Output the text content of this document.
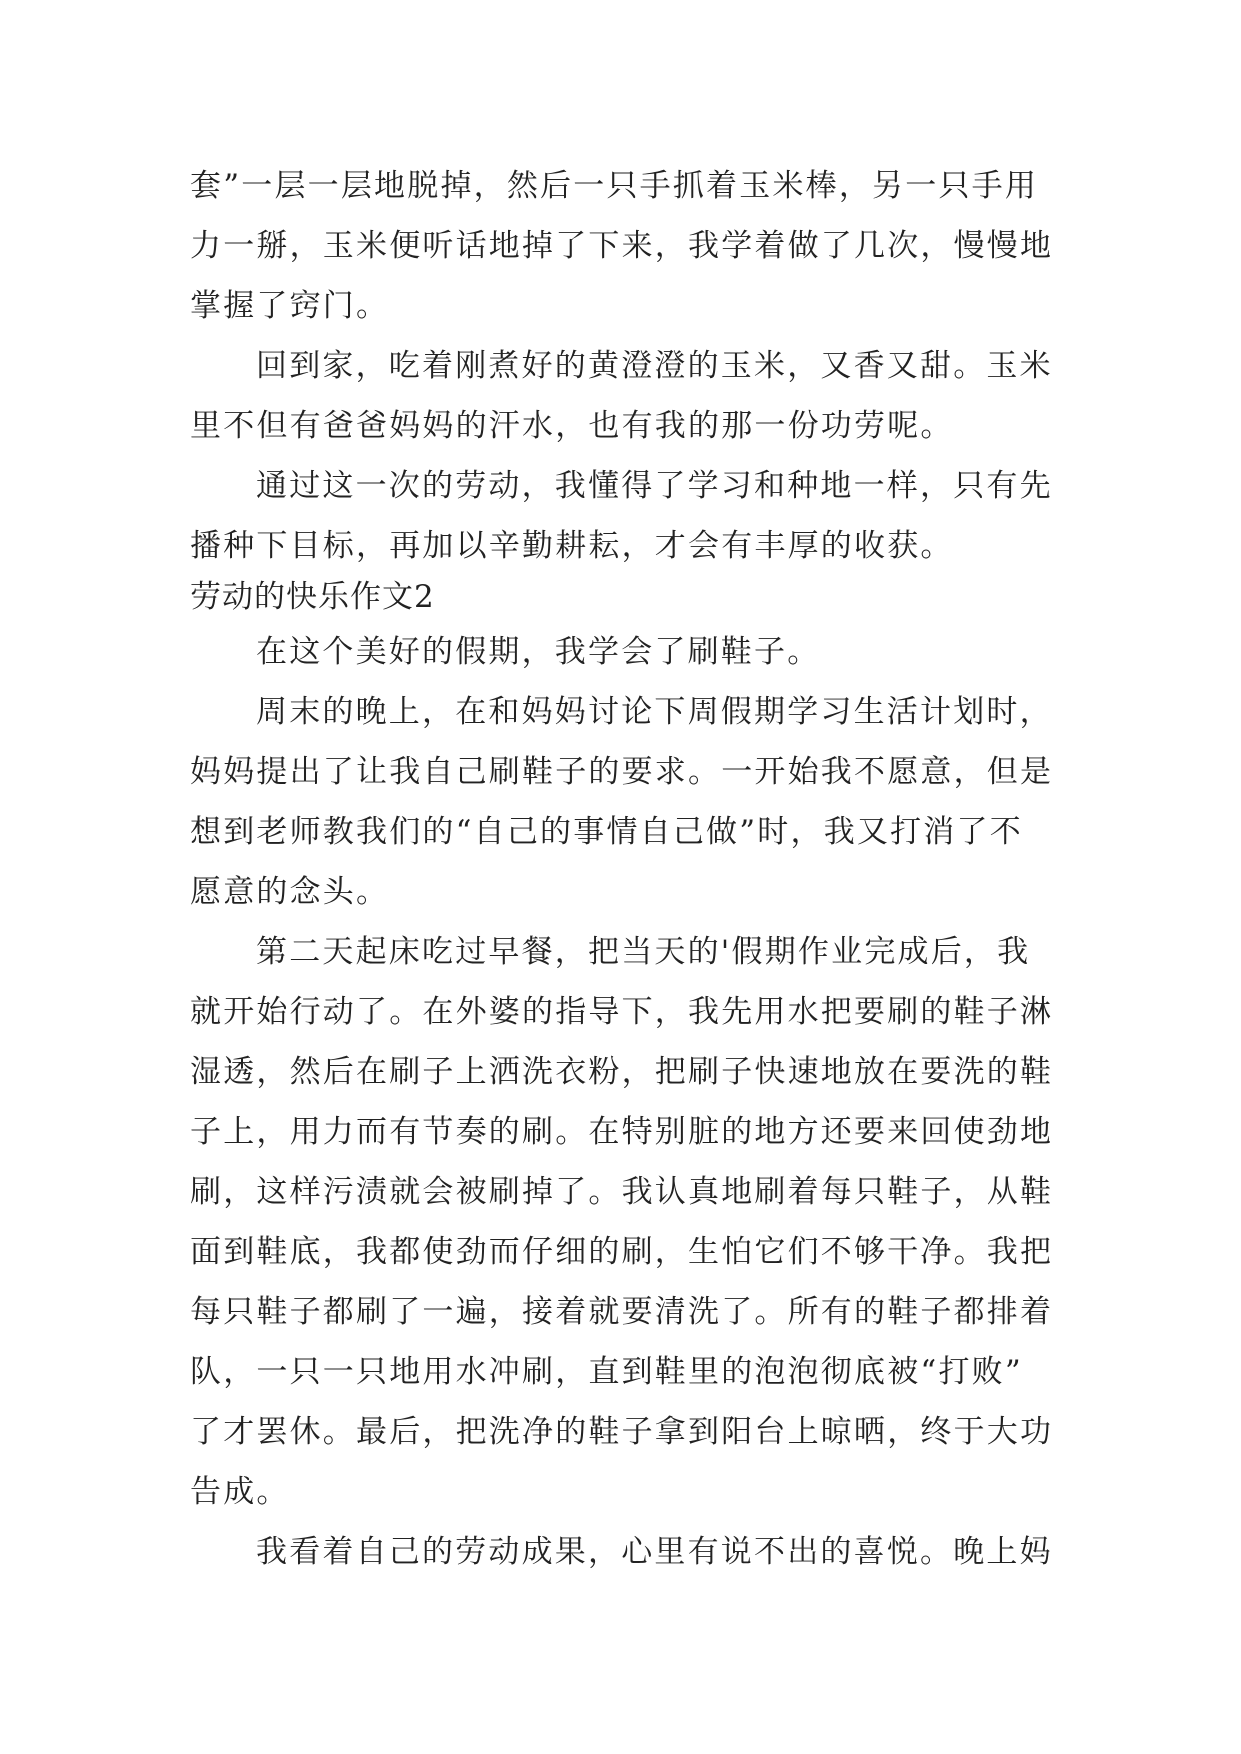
套”一层一层地脱掉，然后一只手抓着玉米棒，另一只手用
力一掰，玉米便听话地掉了下来，我学着做了几次，慢慢地
掌握了窍门。
回到家，吃着刚煮好的黄澄澄的玉米，又香又甜。玉米
里不但有爸爸妈妈的汗水，也有我的那一份功劳呢。
通过这一次的劳动，我懂得了学习和种地一样，只有先
播种下目标，再加以辛勤耕耘，才会有丰厚的收获。
劳动的快乐作文2
在这个美好的假期，我学会了刷鞋子。
周末的晚上，在和妈妈讨论下周假期学习生活计划时，
妈妈提出了让我自己刷鞋子的要求。一开始我不愿意，但是
想到老师教我们的“自己的事情自己做”时，我又打消了不
愿意的念头。
第二天起床吃过早餐，把当天的'假期作业完成后，我
就开始行动了。在外婆的指导下，我先用水把要刷的鞋子淋
湿透，然后在刷子上洒洗衣粉，把刷子快速地放在要洗的鞋
子上，用力而有节奏的刷。在特别脏的地方还要来回使劲地
刷，这样污渍就会被刷掉了。我认真地刷着每只鞋子，从鞋
面到鞋底，我都使劲而仔细的刷，生怕它们不够干净。我把
每只鞋子都刷了一遍，接着就要清洗了。所有的鞋子都排着
队，一只一只地用水冲刷，直到鞋里的泡泡彻底被“打败”
了才罢休。最后，把洗净的鞋子拿到阳台上晾晒，终于大功
告成。
我看着自己的劳动成果，心里有说不出的喜悦。晚上妈
